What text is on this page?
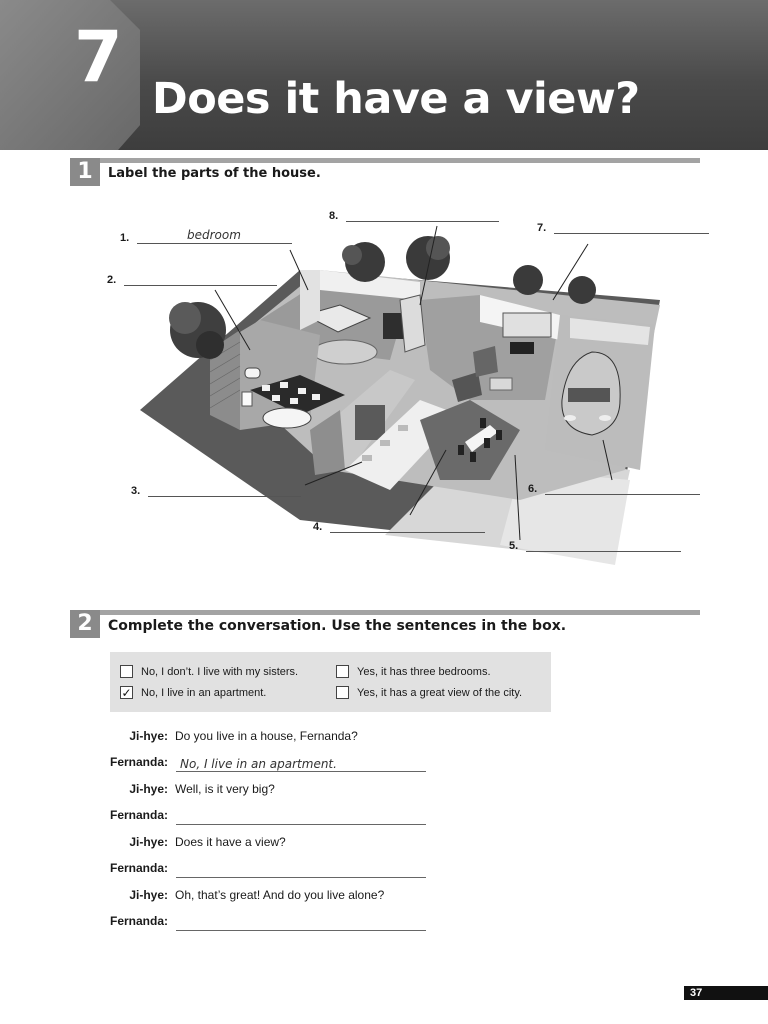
7
Does it have a view?
1	Label the parts of the house.
1.	bedroom
2.
3.
4.
5.
6.
7.
8.
2	Complete the conversation. Use the sentences in the box.
No, I don’t. I live with my sisters.	Yes, it has three bedrooms.
✓ No, I live in an apartment.	Yes, it has a great view of the city.
Ji-hye: Do you live in a house, Fernanda?
Fernanda: No, I live in an apartment.
Ji-hye: Well, is it very big?
Fernanda:
Ji-hye: Does it have a view?
Fernanda:
Ji-hye: Oh, that’s great! And do you live alone?
Fernanda:
37
